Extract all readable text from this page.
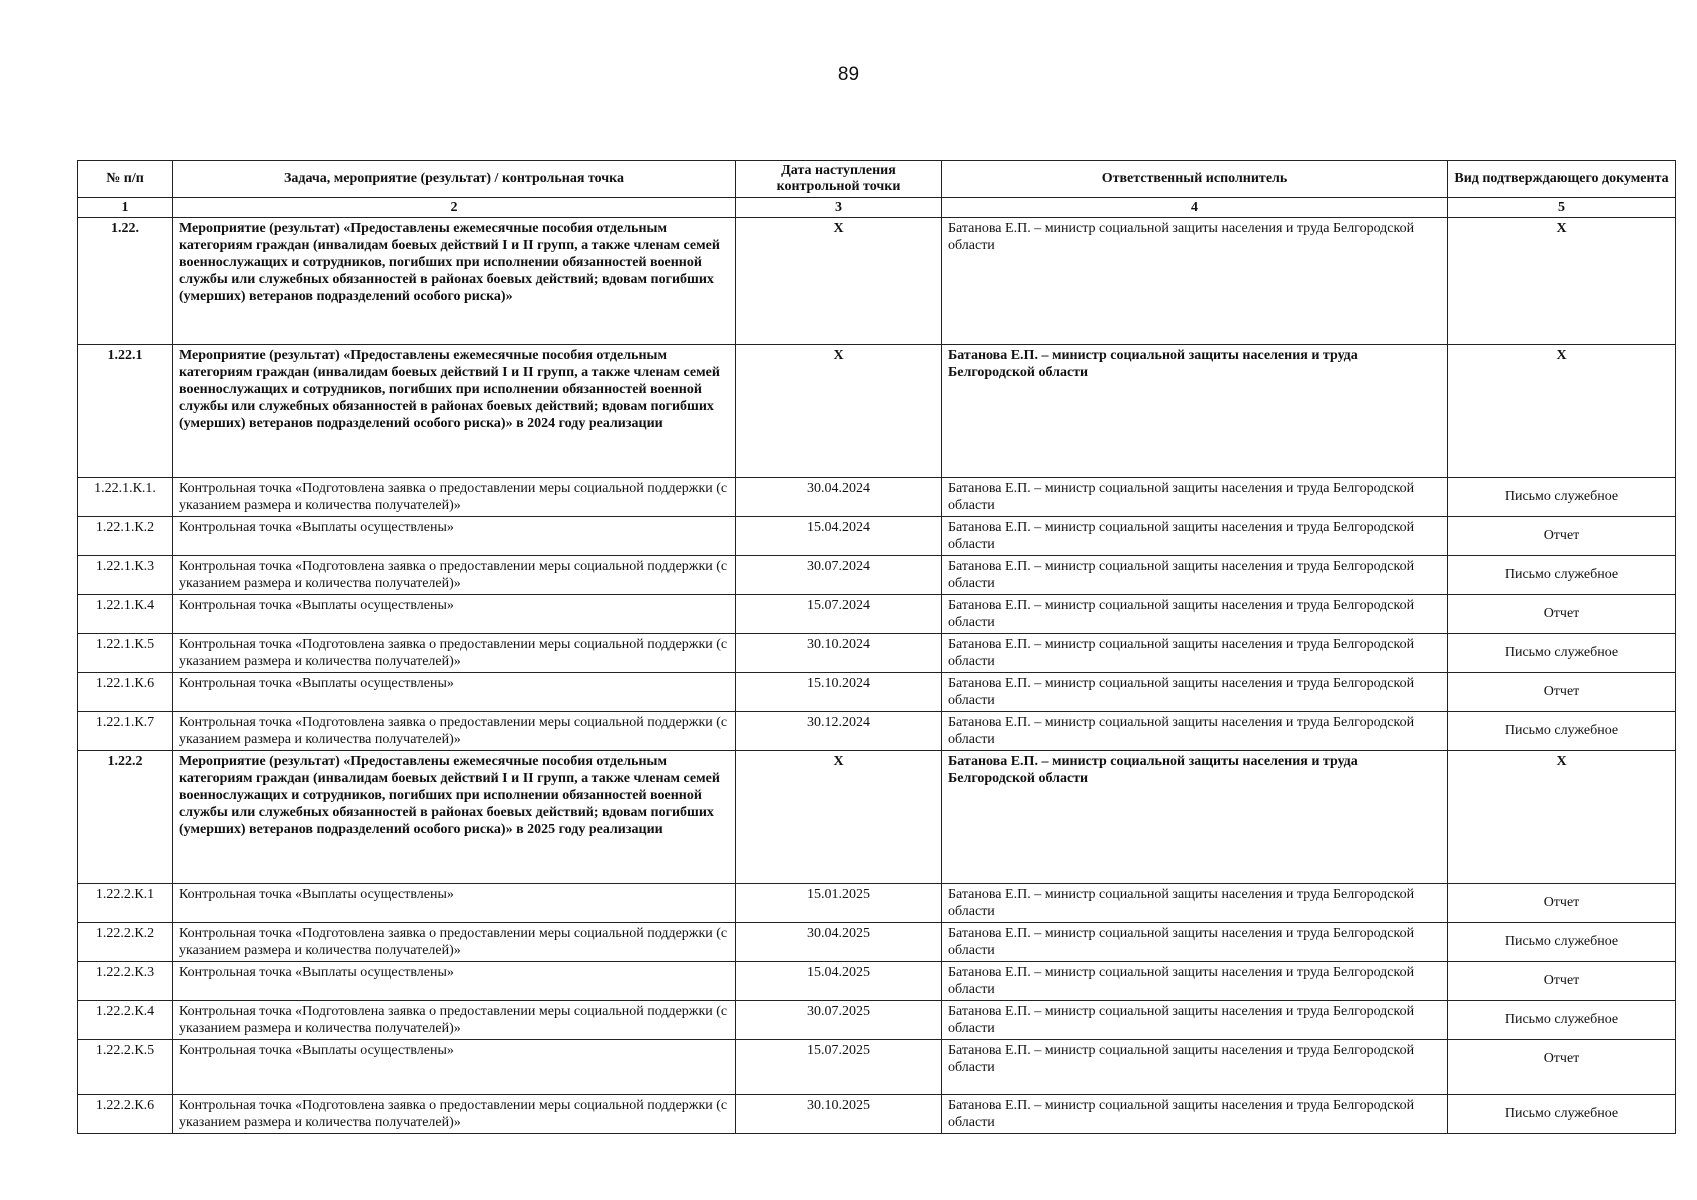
89
№ п/п	Задача, мероприятие (результат) / контрольная точка	Дата наступления контрольной точки	Ответственный исполнитель	Вид подтверждающего документа
1	2	3	4	5
1.22.	Мероприятие (результат) «Предоставлены ежемесячные пособия отдельным категориям граждан (инвалидам боевых действий I и II групп, а также членам семей военнослужащих и сотрудников, погибших при исполнении обязанностей военной службы или служебных обязанностей в районах боевых действий; вдовам погибших (умерших) ветеранов подразделений особого риска)»	X	Батанова Е.П. – министр социальной защиты населения и труда Белгородской области	X
1.22.1	Мероприятие (результат) «Предоставлены ежемесячные пособия отдельным категориям граждан (инвалидам боевых действий I и II групп, а также членам семей военнослужащих и сотрудников, погибших при исполнении обязанностей военной службы или служебных обязанностей в районах боевых действий; вдовам погибших (умерших) ветеранов подразделений особого риска)» в 2024 году реализации	X	Батанова Е.П. – министр социальной защиты населения и труда Белгородской области	X
1.22.1.К.1.	Контрольная точка «Подготовлена заявка о предоставлении меры социальной поддержки (с указанием размера и количества получателей)»	30.04.2024	Батанова Е.П. – министр социальной защиты населения и труда Белгородской области	Письмо служебное
1.22.1.К.2	Контрольная точка «Выплаты осуществлены»	15.04.2024	Батанова Е.П. – министр социальной защиты населения и труда Белгородской области	Отчет
1.22.1.К.3	Контрольная точка «Подготовлена заявка о предоставлении меры социальной поддержки (с указанием размера и количества получателей)»	30.07.2024	Батанова Е.П. – министр социальной защиты населения и труда Белгородской области	Письмо служебное
1.22.1.К.4	Контрольная точка «Выплаты осуществлены»	15.07.2024	Батанова Е.П. – министр социальной защиты населения и труда Белгородской области	Отчет
1.22.1.К.5	Контрольная точка «Подготовлена заявка о предоставлении меры социальной поддержки (с указанием размера и количества получателей)»	30.10.2024	Батанова Е.П. – министр социальной защиты населения и труда Белгородской области	Письмо служебное
1.22.1.К.6	Контрольная точка «Выплаты осуществлены»	15.10.2024	Батанова Е.П. – министр социальной защиты населения и труда Белгородской области	Отчет
1.22.1.К.7	Контрольная точка «Подготовлена заявка о предоставлении меры социальной поддержки (с указанием размера и количества получателей)»	30.12.2024	Батанова Е.П. – министр социальной защиты населения и труда Белгородской области	Письмо служебное
1.22.2	Мероприятие (результат) «Предоставлены ежемесячные пособия отдельным категориям граждан (инвалидам боевых действий I и II групп, а также членам семей военнослужащих и сотрудников, погибших при исполнении обязанностей военной службы или служебных обязанностей в районах боевых действий; вдовам погибших (умерших) ветеранов подразделений особого риска)» в 2025 году реализации	X	Батанова Е.П. – министр социальной защиты населения и труда Белгородской области	X
1.22.2.К.1	Контрольная точка «Выплаты осуществлены»	15.01.2025	Батанова Е.П. – министр социальной защиты населения и труда Белгородской области	Отчет
1.22.2.К.2	Контрольная точка «Подготовлена заявка о предоставлении меры социальной поддержки (с указанием размера и количества получателей)»	30.04.2025	Батанова Е.П. – министр социальной защиты населения и труда Белгородской области	Письмо служебное
1.22.2.К.3	Контрольная точка «Выплаты осуществлены»	15.04.2025	Батанова Е.П. – министр социальной защиты населения и труда Белгородской области	Отчет
1.22.2.К.4	Контрольная точка «Подготовлена заявка о предоставлении меры социальной поддержки (с указанием размера и количества получателей)»	30.07.2025	Батанова Е.П. – министр социальной защиты населения и труда Белгородской области	Письмо служебное
1.22.2.К.5	Контрольная точка «Выплаты осуществлены»	15.07.2025	Батанова Е.П. – министр социальной защиты населения и труда Белгородской области	Отчет
1.22.2.К.6	Контрольная точка «Подготовлена заявка о предоставлении меры социальной поддержки (с указанием размера и количества получателей)»	30.10.2025	Батанова Е.П. – министр социальной защиты населения и труда Белгородской области	Письмо служебное
